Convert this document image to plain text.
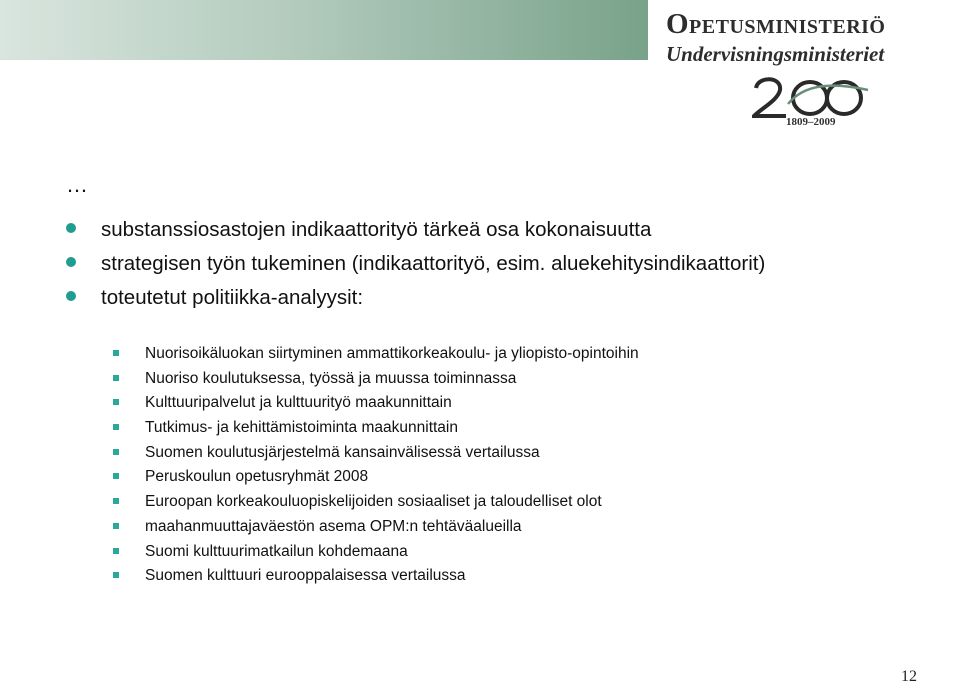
Opetusministeriö
Undervisningsministeriet
1809–2009
…
substanssiosastojen indikaattorityö tärkeä osa kokonaisuutta
strategisen työn tukeminen (indikaattorityö, esim. aluekehitysindikaattorit)
toteutetut politiikka-analyysit:
Nuorisoikäluokan siirtyminen ammattikorkeakoulu- ja yliopisto-opintoihin
Nuoriso koulutuksessa, työssä ja muussa toiminnassa
Kulttuuripalvelut ja kulttuurityö maakunnittain
Tutkimus- ja kehittämistoiminta maakunnittain
Suomen koulutusjärjestelmä kansainvälisessä vertailussa
Peruskoulun opetusryhmät 2008
Euroopan korkeakouluopiskelijoiden sosiaaliset ja taloudelliset olot
maahanmuuttajaväestön asema OPM:n tehtäväalueilla
Suomi kulttuurimatkailun kohdemaana
Suomen kulttuuri eurooppalaisessa vertailussa
12
